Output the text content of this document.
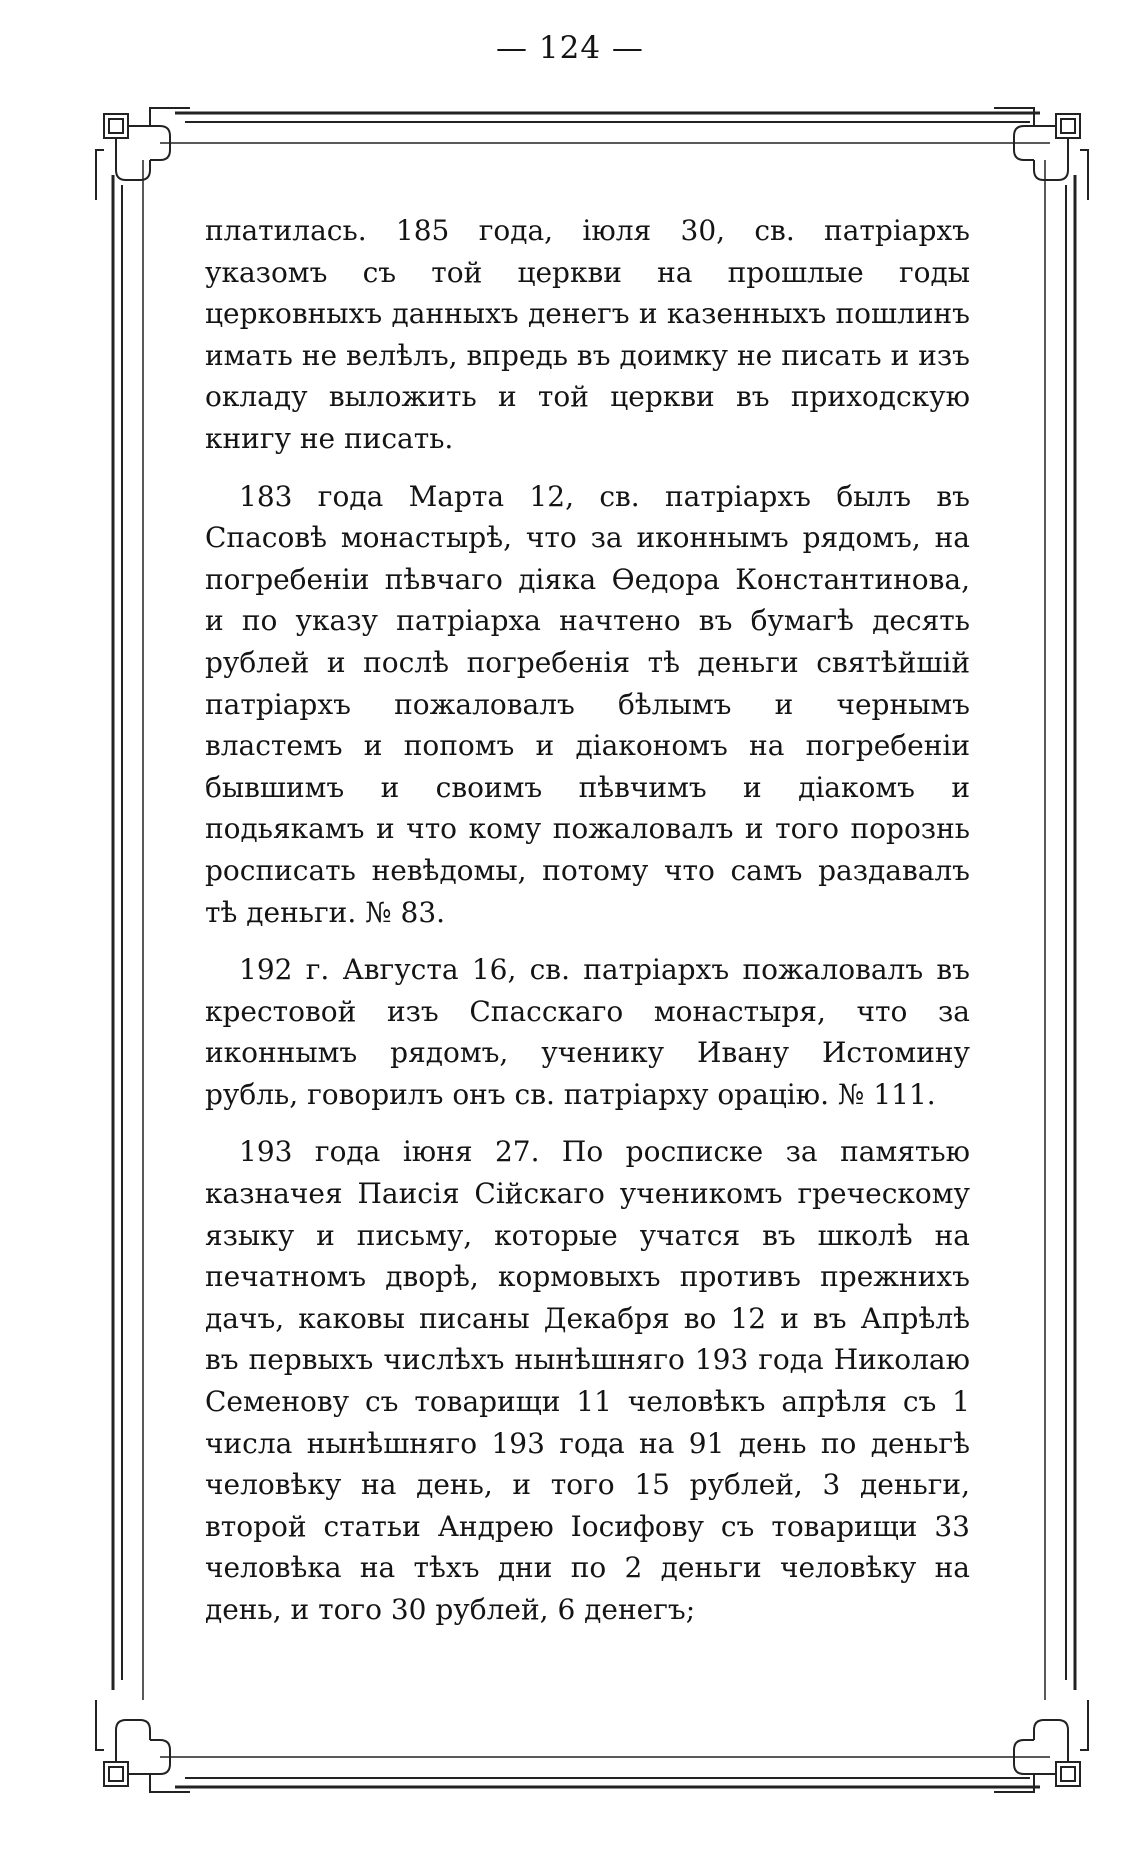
— 124 —

платилась. 185 года, іюля 30, св. патріархъ указомъ съ той церкви на прошлые годы церковныхъ данныхъ денегъ и казенныхъ пошлинъ имать не велѣлъ, впредь въ доимку не писать и изъ окладу выложить и той церкви въ приходскую книгу не писать.

183 года Марта 12, св. патріархъ былъ въ Спасовѣ монастырѣ, что за иконнымъ рядомъ, на погребеніи пѣвчаго діяка Ѳедора Константинова, и по указу патріарха начтено въ бумагѣ десять рублей и послѣ погребенія тѣ деньги святѣйшій патріархъ пожаловалъ бѣлымъ и чернымъ властемъ и попомъ и діакономъ на погребеніи бывшимъ и своимъ пѣвчимъ и діакомъ и подьякамъ и что кому пожаловалъ и того порознь росписать невѣдомы, потому что самъ раздавалъ тѣ деньги. № 83.

192 г. Августа 16, св. патріархъ пожаловалъ въ крестовой изъ Спасскаго монастыря, что за иконнымъ рядомъ, ученику Ивану Истомину рубль, говорилъ онъ св. патріарху орацію. № 111.

193 года іюня 27. По росписке за памятью казначея Паисія Сійскаго ученикомъ греческому языку и письму, которые учатся въ школѣ на печатномъ дворѣ, кормовыхъ противъ прежнихъ дачъ, каковы писаны Декабря во 12 и въ Апрѣлѣ въ первыхъ числѣхъ нынѣшняго 193 года Николаю Семенову съ товарищи 11 человѣкъ апрѣля съ 1 числа нынѣшняго 193 года на 91 день по деньгѣ человѣку на день, и того 15 рублей, 3 деньги, второй статьи Андрею Іосифову съ товарищи 33 человѣка на тѣхъ дни по 2 деньги человѣку на день, и того 30 рублей, 6 денегъ;
